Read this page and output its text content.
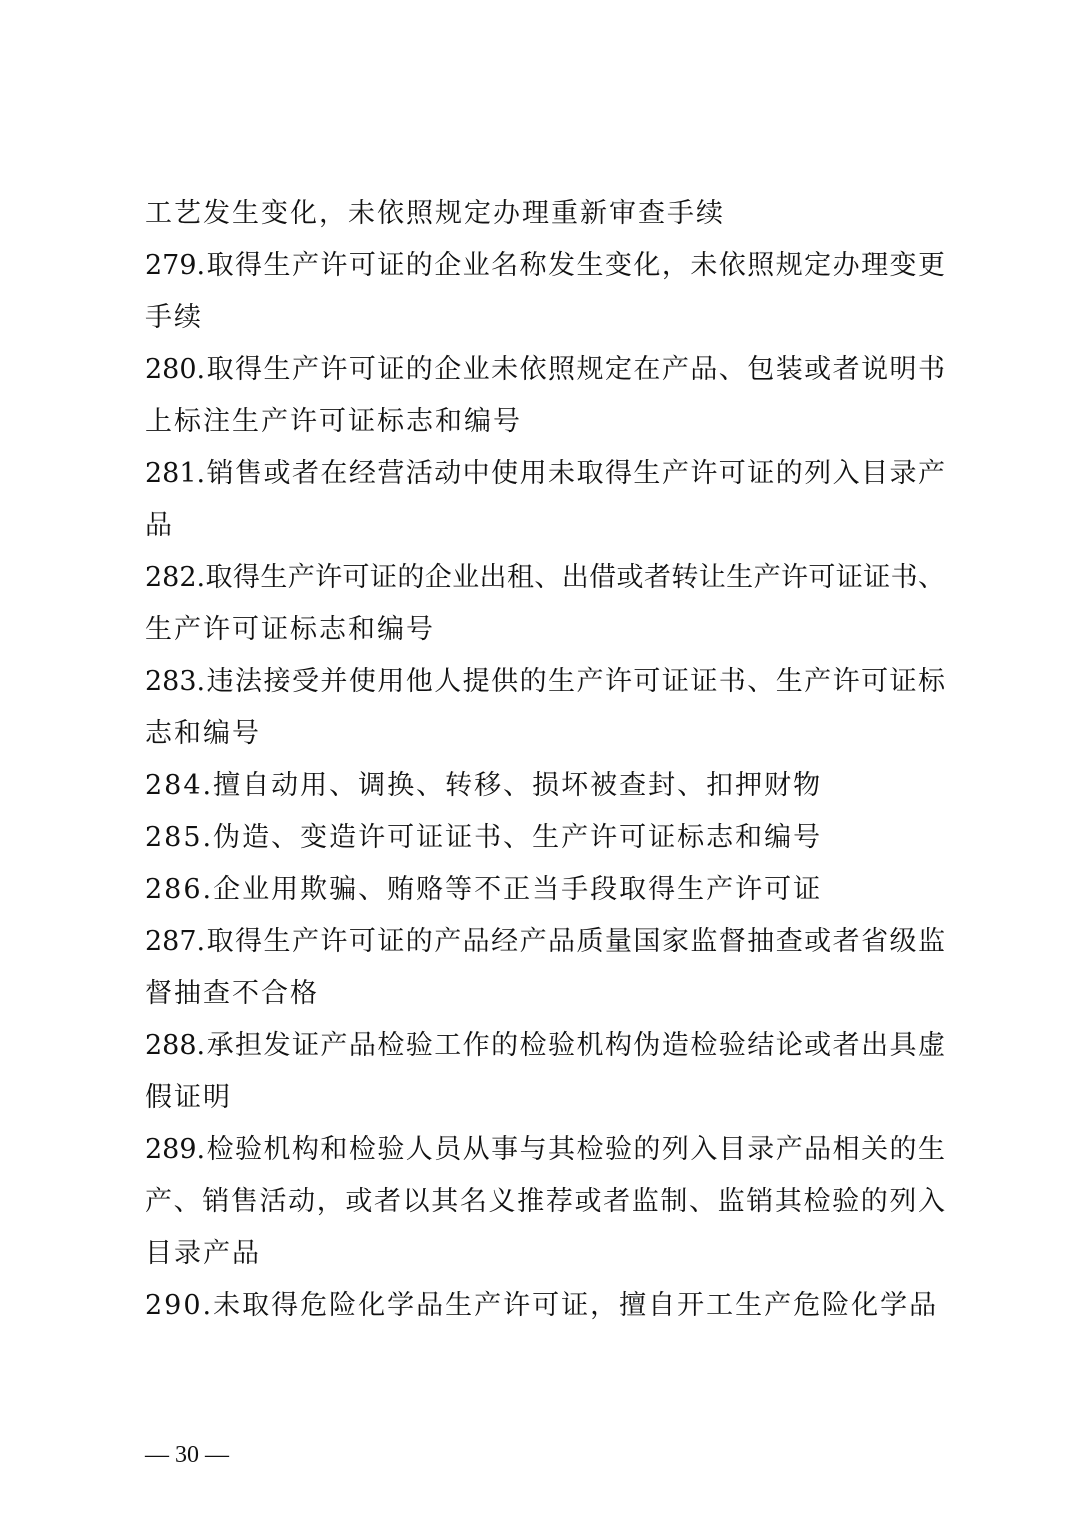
工艺发生变化，未依照规定办理重新审查手续
279.取得生产许可证的企业名称发生变化，未依照规定办理变更
手续
280.取得生产许可证的企业未依照规定在产品、包装或者说明书
上标注生产许可证标志和编号
281.销售或者在经营活动中使用未取得生产许可证的列入目录产
品
282.取得生产许可证的企业出租、出借或者转让生产许可证证书、
生产许可证标志和编号
283.违法接受并使用他人提供的生产许可证证书、生产许可证标
志和编号
284.擅自动用、调换、转移、损坏被查封、扣押财物
285.伪造、变造许可证证书、生产许可证标志和编号
286.企业用欺骗、贿赂等不正当手段取得生产许可证
287.取得生产许可证的产品经产品质量国家监督抽查或者省级监
督抽查不合格
288.承担发证产品检验工作的检验机构伪造检验结论或者出具虚
假证明
289.检验机构和检验人员从事与其检验的列入目录产品相关的生
产、销售活动，或者以其名义推荐或者监制、监销其检验的列入
目录产品
290.未取得危险化学品生产许可证，擅自开工生产危险化学品
— 30 —
